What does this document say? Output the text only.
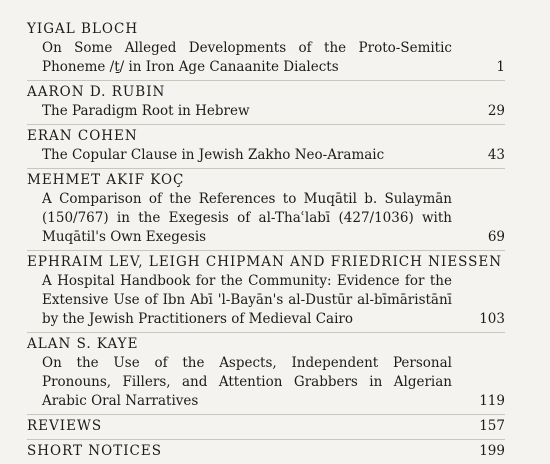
YIGAL BLOCH
On Some Alleged Developments of the Proto-Semitic Phoneme /ṯ/ in Iron Age Canaanite Dialects	1
AARON D. RUBIN
The Paradigm Root in Hebrew	29
ERAN COHEN
The Copular Clause in Jewish Zakho Neo-Aramaic	43
MEHMET AKIF KOÇ
A Comparison of the References to Muqātil b. Sulaymān (150/767) in the Exegesis of al-Thaʿlabī (427/1036) with Muqātil's Own Exegesis	69
EPHRAIM LEV, LEIGH CHIPMAN AND FRIEDRICH NIESSEN
A Hospital Handbook for the Community: Evidence for the Extensive Use of Ibn Abī 'l-Bayān's al-Dustūr al-bīmāristānī by the Jewish Practitioners of Medieval Cairo	103
ALAN S. KAYE
On the Use of the Aspects, Independent Personal Pronouns, Fillers, and Attention Grabbers in Algerian Arabic Oral Narratives	119
REVIEWS	157
SHORT NOTICES	199
